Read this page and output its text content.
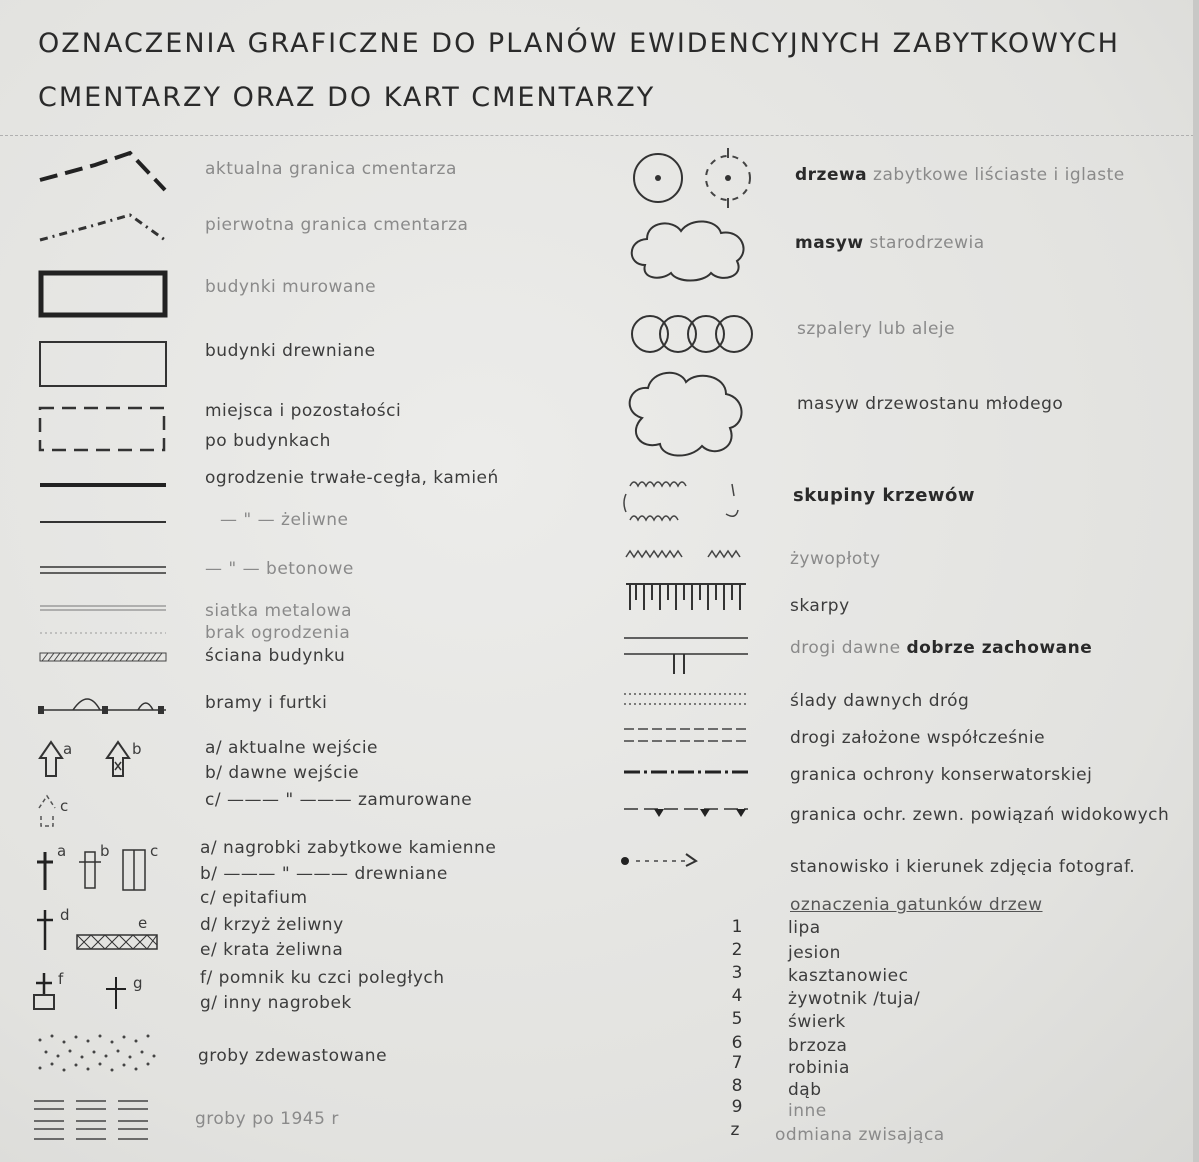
OZNACZENIA GRAFICZNE DO PLANÓW EWIDENCYJNYCH ZABYTKOWYCH
CMENTARZY ORAZ DO KART CMENTARZY
aktualna granica cmentarza
pierwotna granica cmentarza
budynki murowane
budynki drewniane
miejsca i pozostałości
po budynkach
ogrodzenie trwałe-cegła, kamień
— " — żeliwne
— " — betonowe
siatka metalowa
brak ogrodzenia
ściana budynku
bramy i furtki
a	b	a/ aktualne wejście
b/ dawne wejście
c	c/ ——— " ——— zamurowane
a b	c a/ nagrobki zabytkowe kamienne
b/ ——— " ——— drewniane
c/ epitafium
d	e	d/ krzyż żeliwny
e/ krata żeliwna
f	g	f/ pomnik ku czci poległych
g/ inny nagrobek
groby zdewastowane
groby po 1945 r
drzewa zabytkowe liściaste i iglaste
masyw starodrzewia
szpalery lub aleje
masyw drzewostanu młodego
skupiny krzewów
żywopłoty
skarpy
drogi dawne dobrze zachowane
ślady dawnych dróg
drogi założone współcześnie
granica ochrony konserwatorskiej
granica ochr. zewn. powiązań widokowych
stanowisko i kierunek zdjęcia fotograf.
oznaczenia gatunków drzew
1	lipa
2	jesion
3	kasztanowiec
4	żywotnik /tuja/
5	świerk
6	brzoza
7	robinia
8	dąb
9	inne
z odmiana zwisająca
